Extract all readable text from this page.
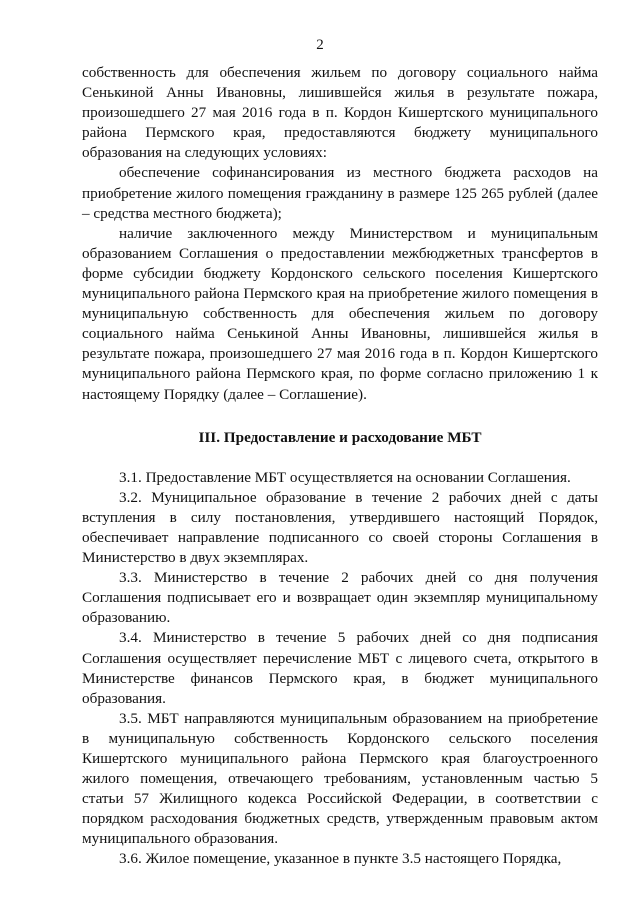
2

собственность для обеспечения жильем по договору социального найма Сенькиной Анны Ивановны, лишившейся жилья в результате пожара, произошедшего 27 мая 2016 года в п. Кордон Кишертского муниципального района Пермского края, предоставляются бюджету муниципального образования на следующих условиях:

обеспечение софинансирования из местного бюджета расходов на приобретение жилого помещения гражданину в размере 125 265 рублей (далее – средства местного бюджета);

наличие заключенного между Министерством и муниципальным образованием Соглашения о предоставлении межбюджетных трансфертов в форме субсидии бюджету Кордонского сельского поселения Кишертского муниципального района Пермского края на приобретение жилого помещения в муниципальную собственность для обеспечения жильем по договору социального найма Сенькиной Анны Ивановны, лишившейся жилья в результате пожара, произошедшего 27 мая 2016 года в п. Кордон Кишертского муниципального района Пермского края, по форме согласно приложению 1 к настоящему Порядку (далее – Соглашение).

III. Предоставление и расходование МБТ

3.1. Предоставление МБТ осуществляется на основании Соглашения.

3.2. Муниципальное образование в течение 2 рабочих дней с даты вступления в силу постановления, утвердившего настоящий Порядок, обеспечивает направление подписанного со своей стороны Соглашения в Министерство в двух экземплярах.

3.3. Министерство в течение 2 рабочих дней со дня получения Соглашения подписывает его и возвращает один экземпляр муниципальному образованию.

3.4. Министерство в течение 5 рабочих дней со дня подписания Соглашения осуществляет перечисление МБТ с лицевого счета, открытого в Министерстве финансов Пермского края, в бюджет муниципального образования.

3.5. МБТ направляются муниципальным образованием на приобретение в муниципальную собственность Кордонского сельского поселения Кишертского муниципального района Пермского края благоустроенного жилого помещения, отвечающего требованиям, установленным частью 5 статьи 57 Жилищного кодекса Российской Федерации, в соответствии с порядком расходования бюджетных средств, утвержденным правовым актом муниципального образования.

3.6. Жилое помещение, указанное в пункте 3.5 настоящего Порядка,
